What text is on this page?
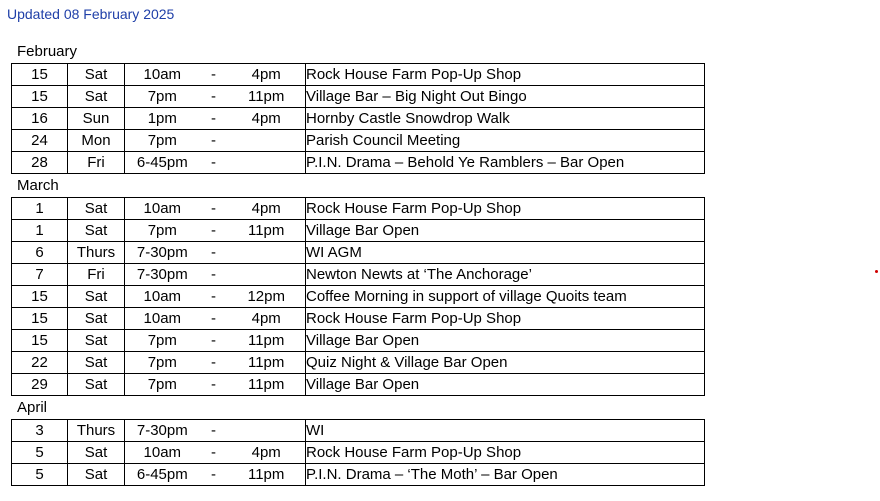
Updated 08 February 2025
February
15	Sat	10am - 4pm	Rock House Farm Pop-Up Shop
15	Sat	7pm - 11pm	Village Bar – Big Night Out Bingo
16	Sun	1pm - 4pm	Hornby Castle Snowdrop Walk
24	Mon	7pm -	Parish Council Meeting
28	Fri	6-45pm -	P.I.N. Drama – Behold Ye Ramblers – Bar Open
March
1	Sat	10am - 4pm	Rock House Farm Pop-Up Shop
1	Sat	7pm - 11pm	Village Bar Open
6	Thurs	7-30pm -	WI AGM
7	Fri	7-30pm -	Newton Newts at ‘The Anchorage’
15	Sat	10am - 12pm	Coffee Morning in support of village Quoits team
15	Sat	10am - 4pm	Rock House Farm Pop-Up Shop
15	Sat	7pm - 11pm	Village Bar Open
22	Sat	7pm - 11pm	Quiz Night & Village Bar Open
29	Sat	7pm - 11pm	Village Bar Open
April
3	Thurs	7-30pm -	WI
5	Sat	10am - 4pm	Rock House Farm Pop-Up Shop
5	Sat	6-45pm - 11pm	P.I.N. Drama – ‘The Moth’ – Bar Open
